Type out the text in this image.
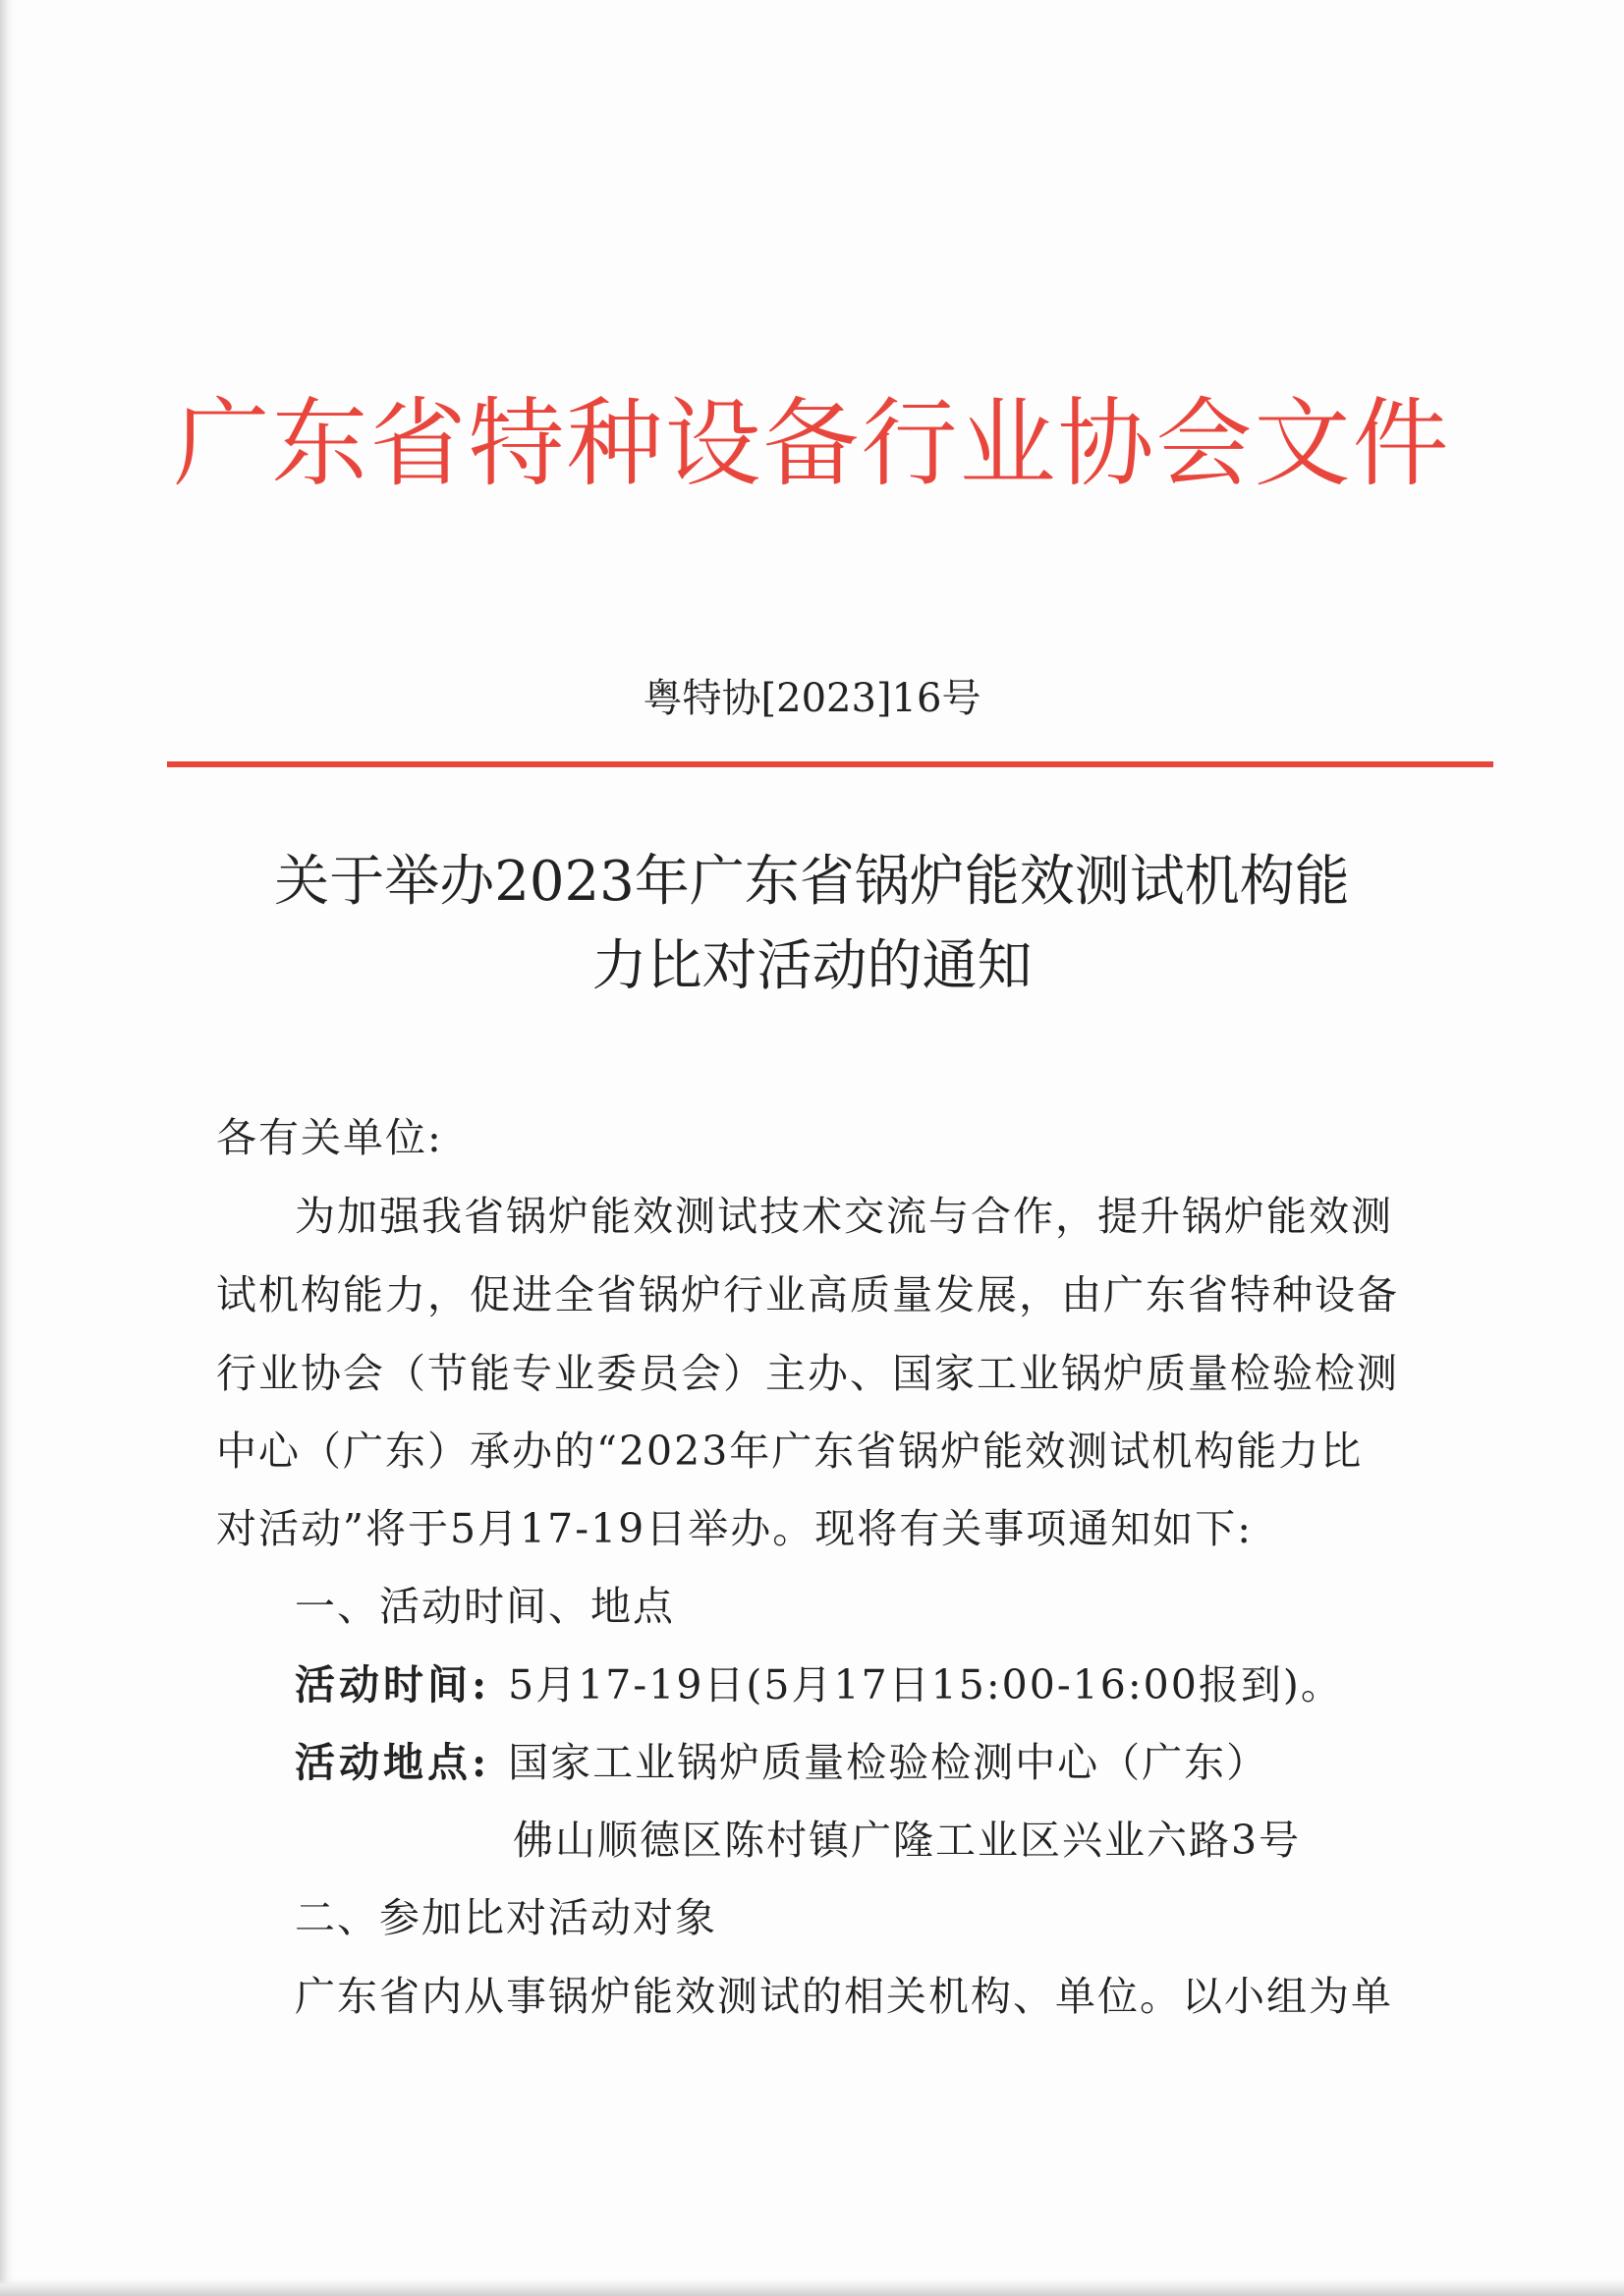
广东省特种设备行业协会文件
粤特协[2023]16号
关于举办2023年广东省锅炉能效测试机构能
力比对活动的通知
各有关单位:
为加强我省锅炉能效测试技术交流与合作，提升锅炉能效测
试机构能力，促进全省锅炉行业高质量发展，由广东省特种设备
行业协会（节能专业委员会）主办、国家工业锅炉质量检验检测
中心（广东）承办的“2023年广东省锅炉能效测试机构能力比
对活动”将于5月17-19日举办。现将有关事项通知如下:
一、活动时间、地点
活动时间: 5月17-19日(5月17日15:00-16:00报到)。
活动地点: 国家工业锅炉质量检验检测中心（广东）
佛山顺德区陈村镇广隆工业区兴业六路3号
二、参加比对活动对象
广东省内从事锅炉能效测试的相关机构、单位。以小组为单
